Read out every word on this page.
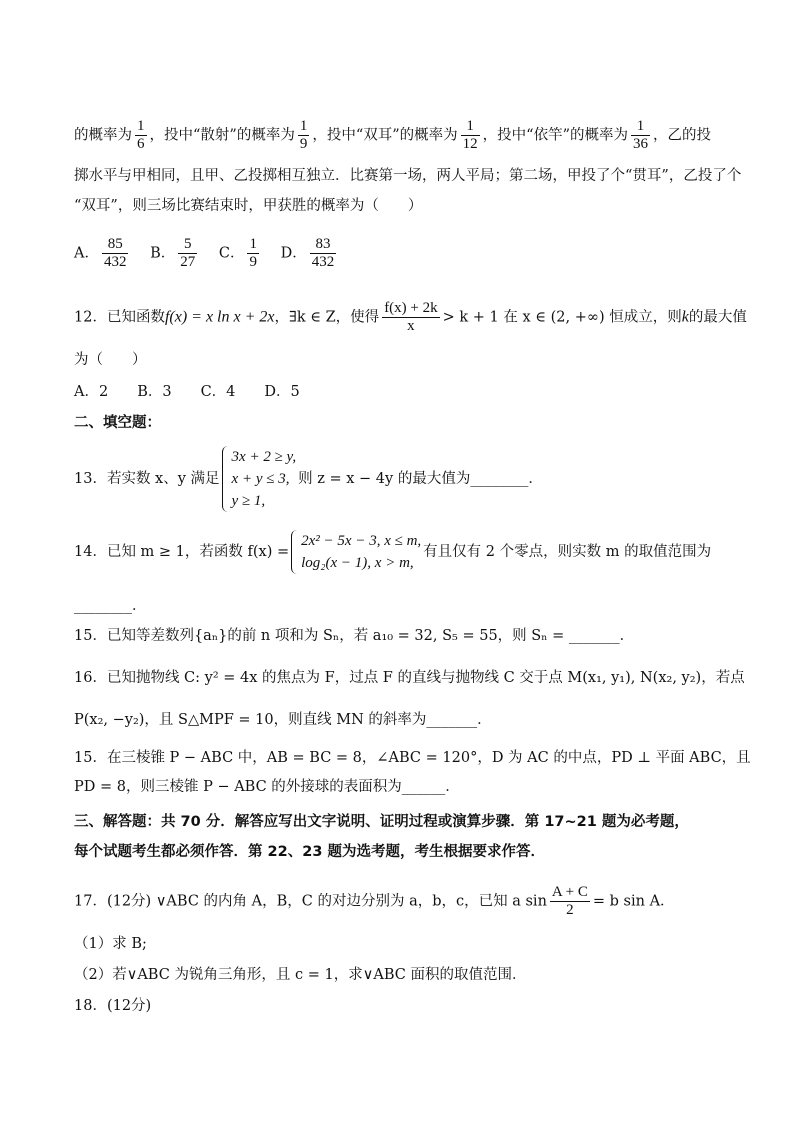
的概率为 $\frac{1}{6}$ ，投中“散射”的概率为 $\frac{1}{9}$ ，投中“双耳”的概率为 $\frac{1}{12}$ ，投中“依竿”的概率为 $\frac{1}{36}$ ，乙的投
掷水平与甲相同，且甲、乙投掷相互独立．比赛第一场，两人平局；第二场，甲投了个“贯耳”，乙投了个
“双耳”，则三场比赛结束时，甲获胜的概率为（　　）
A． $\frac{85}{432}$ B． $\frac{5}{27}$ C． $\frac{1}{9}$ D． $\frac{83}{432}$
12．已知函数f(x) = x ln x + 2x，∃k ∈ Z，使得 $\frac{f(x) + 2k}{x} > k + 1$ 在 x ∈ (2, +∞) 恒成立，则k的最大值
为（　　）
A．2　　B．3　　C．4　　D．5
二、填空题：
13．若实数 x、y 满足
3x + 2 ≥ y,
x + y ≤ 3,
y ≥ 1,
则 z = x − 4y 的最大值为________．
14．已知 m ≥ 1，若函数 f(x) =
2x² − 5x − 3, x ≤ m,
log₂(x − 1), x > m,
有且仅有 2 个零点，则实数 m 的取值范围为
________．
15．已知等差数列{aₙ}的前 n 项和为 Sₙ，若 a₁₀ = 32, S₅ = 55，则 Sₙ = _______．
16．已知抛物线 C: y² = 4x 的焦点为 F，过点 F 的直线与抛物线 C 交于点 M(x₁, y₁), N(x₂, y₂)，若点
P(x₂, −y₂)，且 S△MPF = 10，则直线 MN 的斜率为_______．
15．在三棱锥 P − ABC 中，AB = BC = 8，∠ABC = 120°，D 为 AC 的中点，PD ⊥ 平面 ABC，且
PD = 8，则三棱锥 P − ABC 的外接球的表面积为______．
三、解答题：共 70 分．解答应写出文字说明、证明过程或演算步骤．第 17~21 题为必考题，
每个试题考生都必须作答．第 22、23 题为选考题，考生根据要求作答．
17．(12分) ∨ABC 的内角 A，B，C 的对边分别为 a，b，c，已知 a $\sin \frac{A + C}{2} = b$ sin A．
（1）求 B;
（2）若∨ABC 为锐角三角形，且 c = 1，求∨ABC 面积的取值范围．
18．(12分)
